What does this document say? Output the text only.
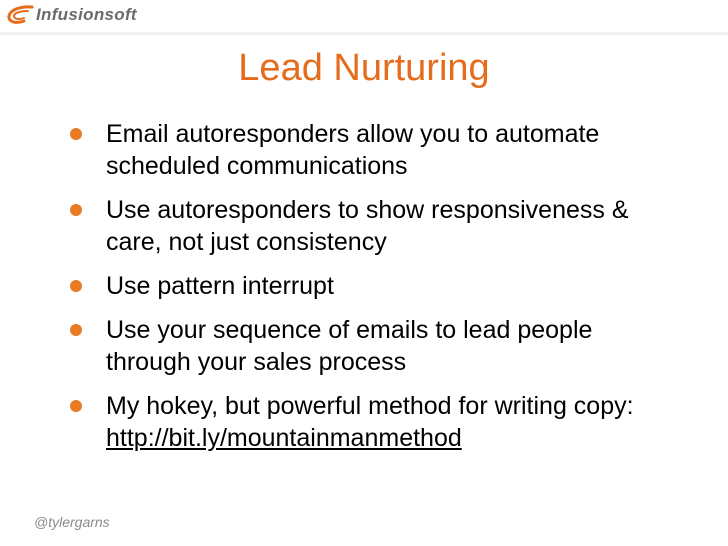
Infusionsoft
Lead Nurturing
Email autoresponders allow you to automate scheduled communications
Use autoresponders to show responsiveness & care, not just consistency
Use pattern interrupt
Use your sequence of emails to lead people through your sales process
My hokey, but powerful method for writing copy: http://bit.ly/mountainmanmethod
@tylergarns
